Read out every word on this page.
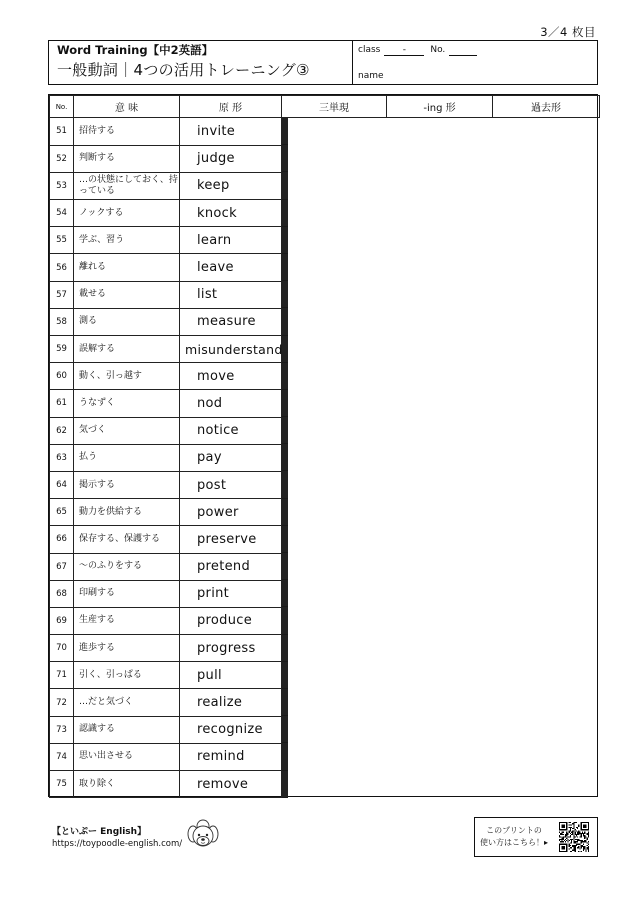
3／4 枚目
Word Training【中2英語】
一般動詞｜4つの活用トレーニング③
class	-	No.
name
No.	意 味	原 形	三単現	-ing 形	過去形
51	招待する	invite	
52	判断する	judge	
53	…の状態にしておく、持っている	keep	
54	ノックする	knock	
55	学ぶ、習う	learn	
56	離れる	leave	
57	載せる	list	
58	測る	measure	
59	誤解する	misunderstand	
60	動く、引っ越す	move	
61	うなずく	nod	
62	気づく	notice	
63	払う	pay	
64	掲示する	post	
65	動力を供給する	power	
66	保存する、保護する	preserve	
67	～のふりをする	pretend	
68	印刷する	print	
69	生産する	produce	
70	進歩する	progress	
71	引く、引っぱる	pull	
72	…だと気づく	realize	
73	認識する	recognize	
74	思い出させる	remind	
75	取り除く	remove	
【といぷー English】
https://toypoodle-english.com/
このプリントの
使い方はこちら！▸
